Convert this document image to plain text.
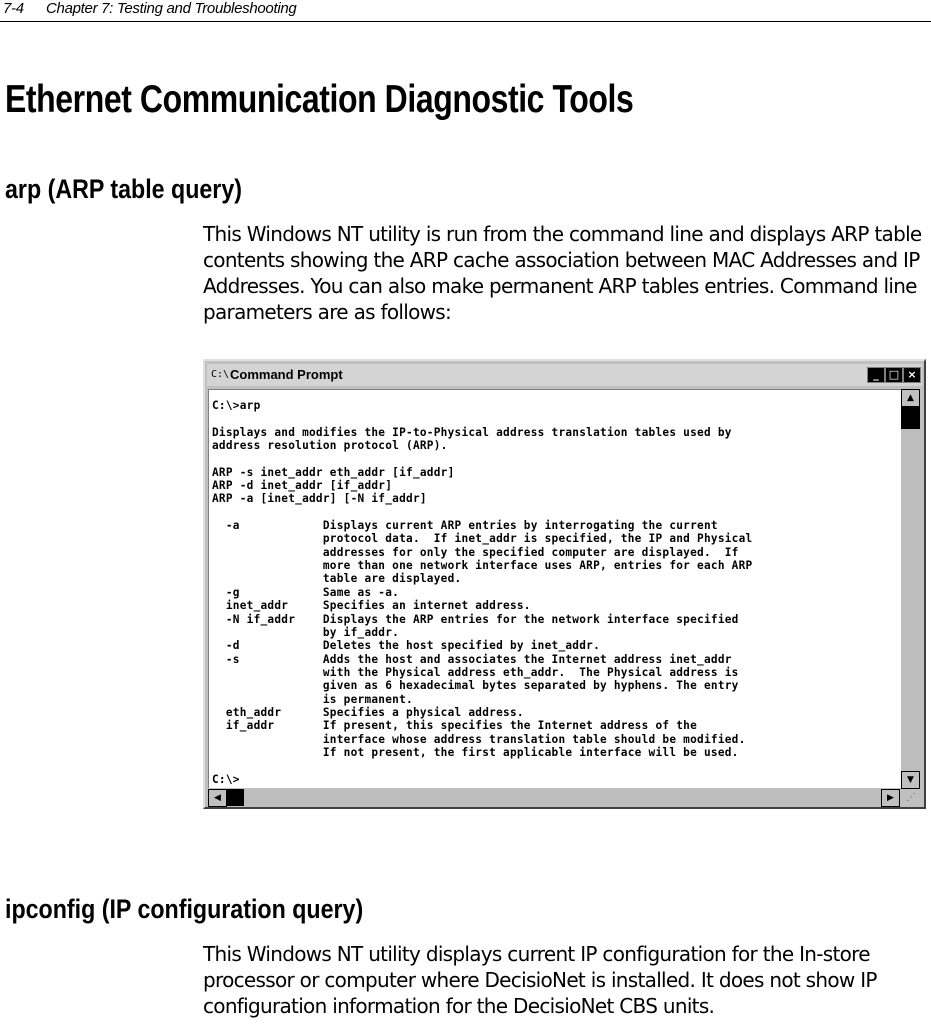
7-4 Chapter 7: Testing and Troubleshooting
Ethernet Communication Diagnostic Tools
arp (ARP table query)

This Windows NT utility is run from the command line and displays ARP table contents showing the ARP cache association between MAC Addresses and IP Addresses. You can also make permanent ARP tables entries. Command line parameters are as follows:

C:\ Command Prompt	_ □ ×
C:\>arp

Displays and modifies the IP-to-Physical address translation tables used by
address resolution protocol (ARP).

ARP -s inet_addr eth_addr [if_addr]
ARP -d inet_addr [if_addr]
ARP -a [inet_addr] [-N if_addr]

-a            Displays current ARP entries by interrogating the current
protocol data.  If inet_addr is specified, the IP and Physical
addresses for only the specified computer are displayed.  If
more than one network interface uses ARP, entries for each ARP
table are displayed.
-g            Same as -a.
inet_addr     Specifies an internet address.
-N if_addr    Displays the ARP entries for the network interface specified
by if_addr.
-d            Deletes the host specified by inet_addr.
-s            Adds the host and associates the Internet address inet_addr
with the Physical address eth_addr.  The Physical address is
given as 6 hexadecimal bytes separated by hyphens. The entry
is permanent.
eth_addr      Specifies a physical address.
if_addr       If present, this specifies the Internet address of the
interface whose address translation table should be modified.
If not present, the first applicable interface will be used.

C:\>
▲
▼
◀	▶	⋰
ipconfig (IP configuration query)

This Windows NT utility displays current IP configuration for the In-store processor or computer where DecisioNet is installed. It does not show IP configuration information for the DecisioNet CBS units.
